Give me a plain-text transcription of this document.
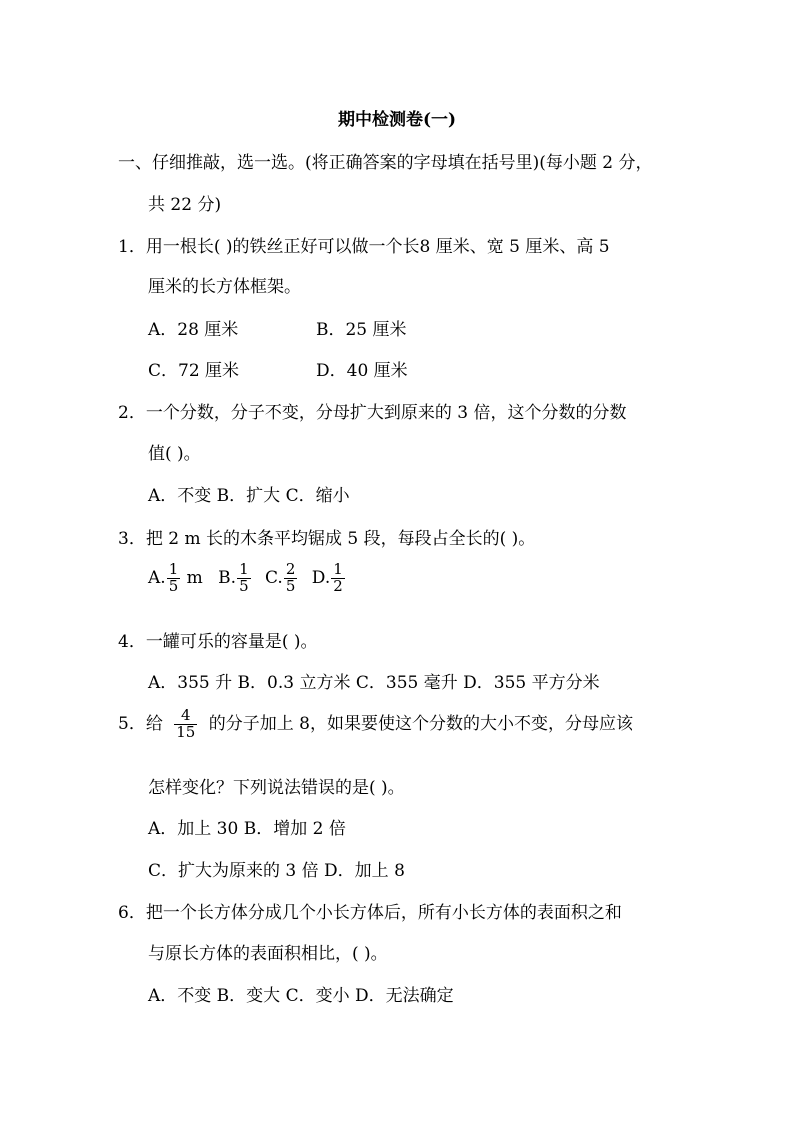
期中检测卷(一)
一、仔细推敲，选一选。(将正确答案的字母填在括号里)(每小题 2 分，
共 22 分)
1．用一根长( )的铁丝正好可以做一个长8 厘米、宽 5 厘米、高 5
厘米的长方体框架。
A．28 厘米	B．25 厘米
C．72 厘米	D．40 厘米
2．一个分数，分子不变，分母扩大到原来的 3 倍，这个分数的分数
值( )。
A．不变 B．扩大 C．缩小
3．把 2 m 长的木条平均锯成 5 段，每段占全长的( )。
A. $\frac{1}{5}$ m B. $\frac{1}{5} C$. $\frac{2}{5} D$. $\frac{1}{2}$
4．一罐可乐的容量是( )。
A．355 升 B．0.3 立方米 C．355 毫升 D．355 平方分米
5．给 $\frac{4}{15}$ 的分子加上 8，如果要使这个分数的大小不变，分母应该
怎样变化？下列说法错误的是( )。
A．加上 30 B．增加 2 倍
C．扩大为原来的 3 倍 D．加上 8
6．把一个长方体分成几个小长方体后，所有小长方体的表面积之和
与原长方体的表面积相比，( )。
A．不变 B．变大 C．变小 D．无法确定
